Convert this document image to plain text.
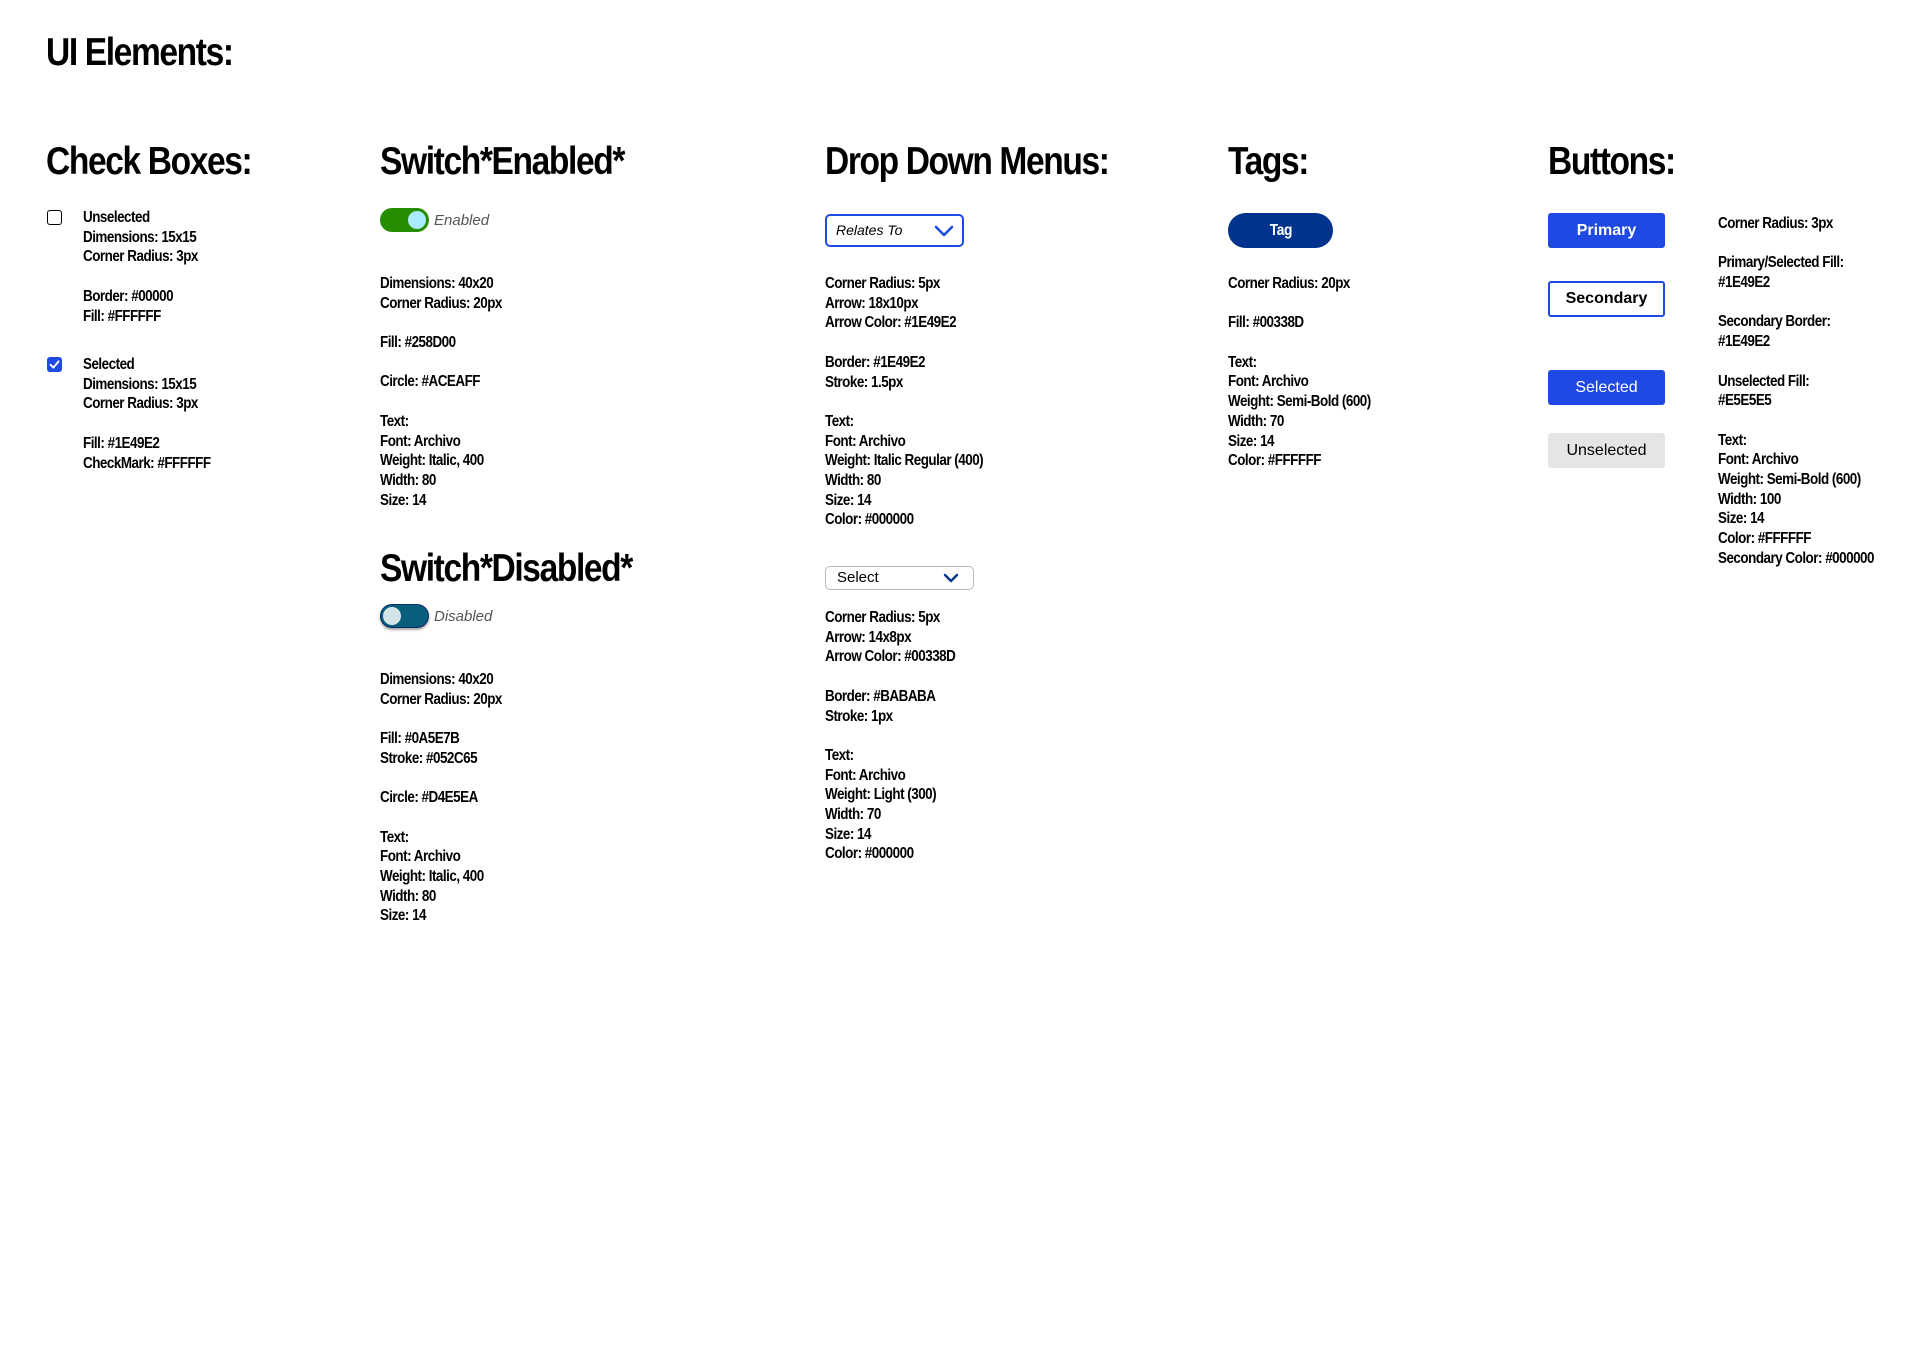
UI Elements:
Check Boxes:
Unselected
Dimensions: 15x15
Corner Radius: 3px
Border: #00000
Fill: #FFFFFF
Selected
Dimensions: 15x15
Corner Radius: 3px
Fill: #1E49E2
CheckMark: #FFFFFF
Switch*Enabled*
Enabled
Dimensions: 40x20
Corner Radius: 20px
Fill: #258D00
Circle: #ACEAFF
Text:
Font: Archivo
Weight: Italic, 400
Width: 80
Size: 14
Switch*Disabled*
Disabled
Dimensions: 40x20
Corner Radius: 20px
Fill: #0A5E7B
Stroke: #052C65
Circle: #D4E5EA
Text:
Font: Archivo
Weight: Italic, 400
Width: 80
Size: 14
Drop Down Menus:
Relates To
Corner Radius: 5px
Arrow: 18x10px
Arrow Color: #1E49E2
Border: #1E49E2
Stroke: 1.5px
Text:
Font: Archivo
Weight: Italic Regular (400)
Width: 80
Size: 14
Color: #000000
Select
Corner Radius: 5px
Arrow: 14x8px
Arrow Color: #00338D
Border: #BABABA
Stroke: 1px
Text:
Font: Archivo
Weight: Light (300)
Width: 70
Size: 14
Color: #000000
Tags:
Tag
Corner Radius: 20px
Fill: #00338D
Text:
Font: Archivo
Weight: Semi-Bold (600)
Width: 70
Size: 14
Color: #FFFFFF
Buttons:
Primary
Secondary
Selected
Unselected
Corner Radius: 3px
Primary/Selected Fill:
#1E49E2
Secondary Border:
#1E49E2
Unselected Fill:
#E5E5E5
Text:
Font: Archivo
Weight: Semi-Bold (600)
Width: 100
Size: 14
Color: #FFFFFF
Secondary Color: #000000
